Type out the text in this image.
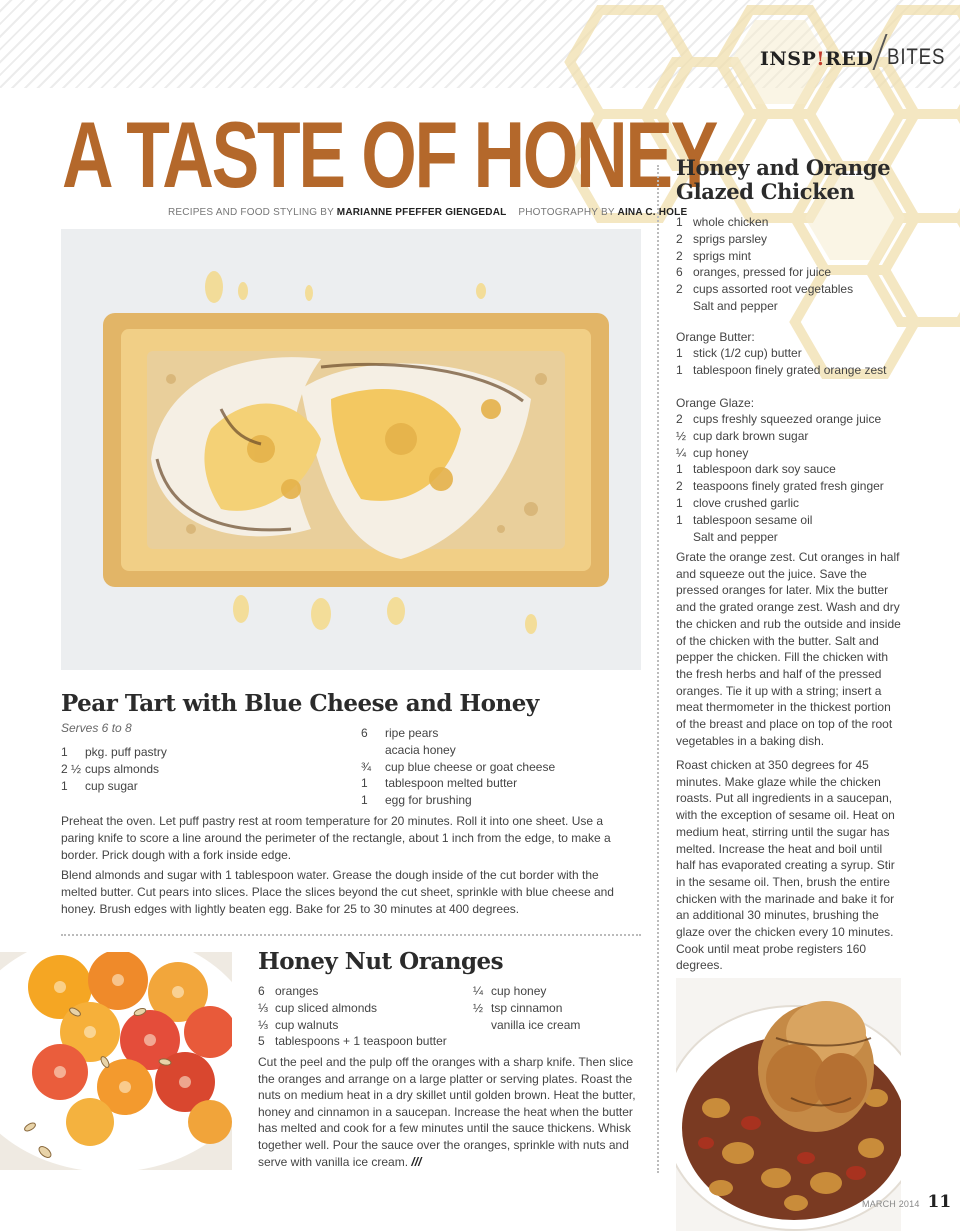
INSP!RED BITES
A TASTE OF HONEY
RECIPES AND FOOD STYLING BY MARIANNE PFEFFER GIENGEDAL PHOTOGRAPHY BY AINA C. HOLE
Pear Tart with Blue Cheese and Honey
Serves 6 to 8
1	pkg. puff pastry
2 ½ cups almonds
1	cup sugar
6	ripe pears
acacia honey
¾	cup blue cheese or goat cheese
1	tablespoon melted butter
1	egg for brushing

Preheat the oven. Let puff pastry rest at room temperature for 20 minutes. Roll it into one sheet. Use a paring knife to score a line around the perimeter of the rectangle, about 1 inch from the edge, to make a border. Prick dough with a fork inside edge.

Blend almonds and sugar with 1 tablespoon water. Grease the dough inside of the cut border with the melted butter. Cut pears into slices. Place the slices beyond the cut sheet, sprinkle with blue cheese and honey. Brush edges with lightly beaten egg. Bake for 25 to 30 minutes at 400 degrees.

Honey Nut Oranges
6 oranges
⅓ cup sliced almonds
⅓ cup walnuts
5 tablespoons + 1 teaspoon butter
¼ cup honey
½ tsp cinnamon
vanilla ice cream

Cut the peel and the pulp off the oranges with a sharp knife. Then slice the oranges and arrange on a large platter or serving plates. Roast the nuts on medium heat in a dry skillet until golden brown. Heat the butter, honey and cinnamon in a saucepan. Increase the heat when the butter has melted and cook for a few minutes until the sauce thickens. Whisk together well. Pour the sauce over the oranges, sprinkle with nuts and serve with vanilla ice cream. ///

Honey and Orange
Glazed Chicken
1 whole chicken
2 sprigs parsley
2 sprigs mint
6 oranges, pressed for juice
2 cups assorted root vegetables
Salt and pepper
Orange Butter:
1 stick (1/2 cup) butter
1 tablespoon finely grated orange zest
Orange Glaze:
2 cups freshly squeezed orange juice
½ cup dark brown sugar
¼ cup honey
1 tablespoon dark soy sauce
2 teaspoons finely grated fresh ginger
1 clove crushed garlic
1 tablespoon sesame oil
Salt and pepper

Grate the orange zest. Cut oranges in half and squeeze out the juice. Save the pressed oranges for later. Mix the butter and the grated orange zest. Wash and dry the chicken and rub the outside and inside of the chicken with the butter. Salt and pepper the chicken. Fill the chicken with the fresh herbs and half of the pressed oranges. Tie it up with a string; insert a meat thermometer in the thickest portion of the breast and place on top of the root vegetables in a baking dish.

Roast chicken at 350 degrees for 45 minutes. Make glaze while the chicken roasts. Put all ingredients in a saucepan, with the exception of sesame oil. Heat on medium heat, stirring until the sugar has melted. Increase the heat and boil until half has evaporated creating a syrup. Stir in the sesame oil. Then, brush the entire chicken with the marinade and bake it for an additional 30 minutes, brushing the glaze over the chicken every 10 minutes. Cook until meat probe registers 160 degrees.

MARCH 2014 11
